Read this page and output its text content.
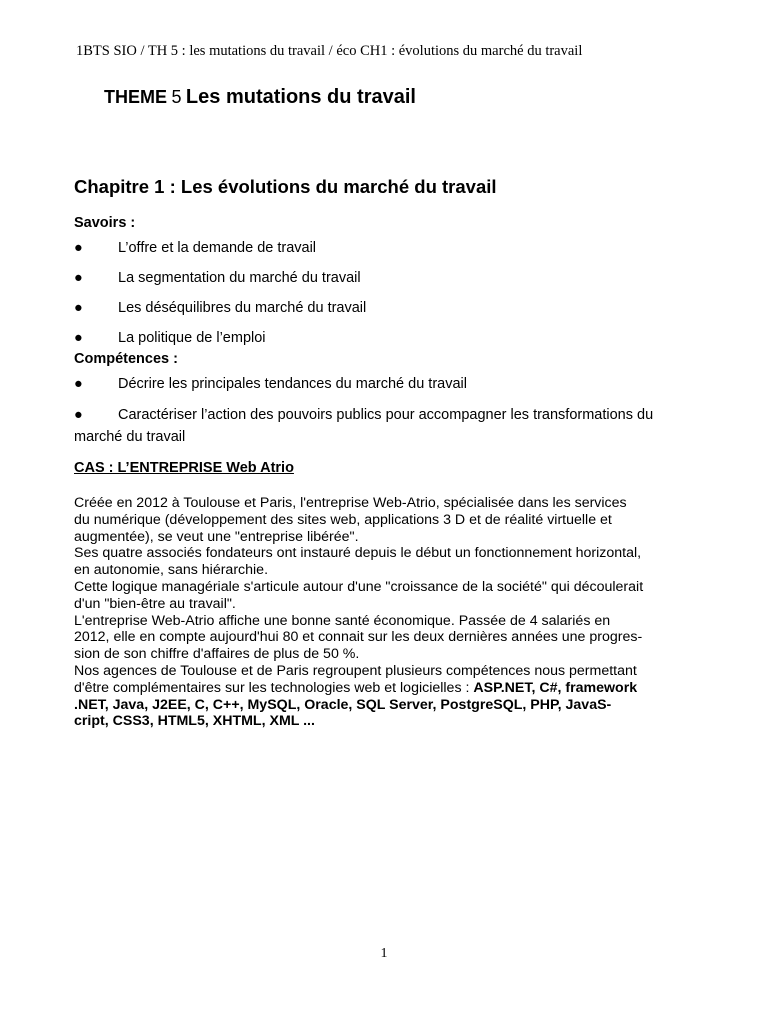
1BTS SIO / TH 5 : les mutations du travail / éco CH1 : évolutions du marché du travail
THEME 5 Les mutations du travail
Chapitre 1 : Les évolutions du marché du travail
Savoirs :
● L’offre et la demande de travail
● La segmentation du marché du travail
● Les déséquilibres du marché du travail
● La politique de l’emploi
Compétences :
● Décrire les principales tendances du marché du travail
● Caractériser l’action des pouvoirs publics pour accompagner les transformations du marché du travail
CAS : L’ENTREPRISE Web Atrio

Créée en 2012 à Toulouse et Paris, l'entreprise Web-Atrio, spécialisée dans les services

du numérique (développement des sites web, applications 3 D et de réalité virtuelle et

augmentée), se veut une "entreprise libérée".

Ses quatre associés fondateurs ont instauré depuis le début un fonctionnement horizontal,

en autonomie, sans hiérarchie.

Cette logique managériale s'articule autour d'une "croissance de la société" qui découlerait

d'un "bien-être au travail".

L'entreprise Web-Atrio affiche une bonne santé économique. Passée de 4 salariés en

2012, elle en compte aujourd'hui 80 et connait sur les deux dernières années une progres-

sion de son chiffre d'affaires de plus de 50 %.

Nos agences de Toulouse et de Paris regroupent plusieurs compétences nous permettant

d'être complémentaires sur les technologies web et logicielles : ASP.NET, C#, framework

.NET, Java, J2EE, C, C++, MySQL, Oracle, SQL Server, PostgreSQL, PHP, JavaS-

cript, CSS3, HTML5, XHTML, XML ...

1
